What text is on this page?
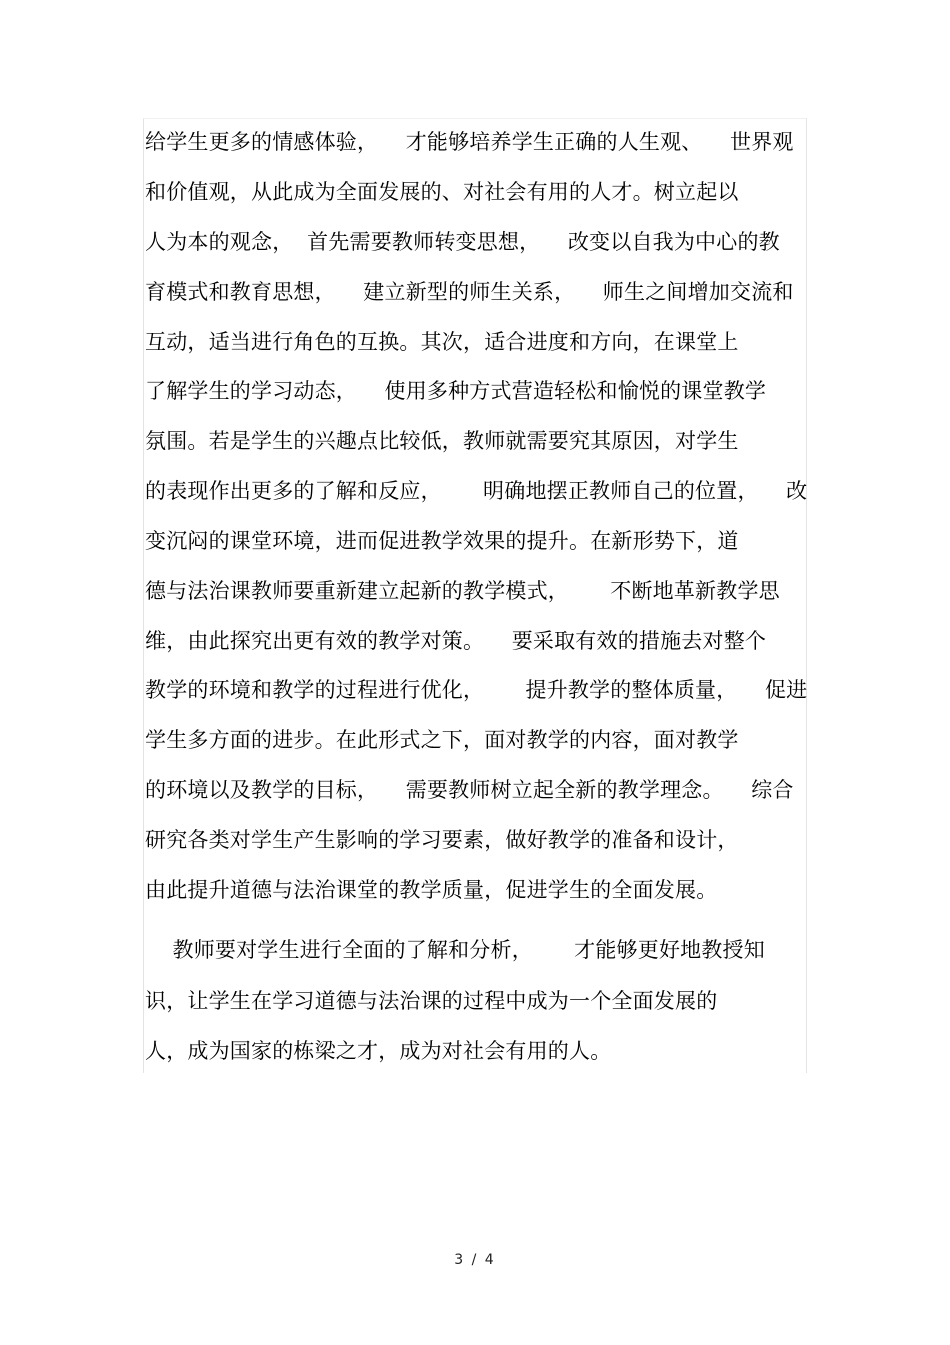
给学生更多的情感体验，    才能够培养学生正确的人生观、    世界观
和价值观，从此成为全面发展的、对社会有用的人才。树立起以
人为本的观念，  首先需要教师转变思想，    改变以自我为中心的教
育模式和教育思想，    建立新型的师生关系，    师生之间增加交流和
互动，适当进行角色的互换。其次，适合进度和方向，在课堂上
了解学生的学习动态，    使用多种方式营造轻松和愉悦的课堂教学
氛围。若是学生的兴趣点比较低，教师就需要究其原因，对学生
的表现作出更多的了解和反应，      明确地摆正教师自己的位置，    改
变沉闷的课堂环境，进而促进教学效果的提升。在新形势下，道
德与法治课教师要重新建立起新的教学模式，      不断地革新教学思
维，由此探究出更有效的教学对策。    要采取有效的措施去对整个
教学的环境和教学的过程进行优化，      提升教学的整体质量，    促进
学生多方面的进步。在此形式之下，面对教学的内容，面对教学
的环境以及教学的目标，    需要教师树立起全新的教学理念。    综合
研究各类对学生产生影响的学习要素，做好教学的准备和设计，
由此提升道德与法治课堂的教学质量，促进学生的全面发展。
教师要对学生进行全面的了解和分析，      才能够更好地教授知
识，让学生在学习道德与法治课的过程中成为一个全面发展的
人，成为国家的栋梁之才，成为对社会有用的人。
3 / 4
